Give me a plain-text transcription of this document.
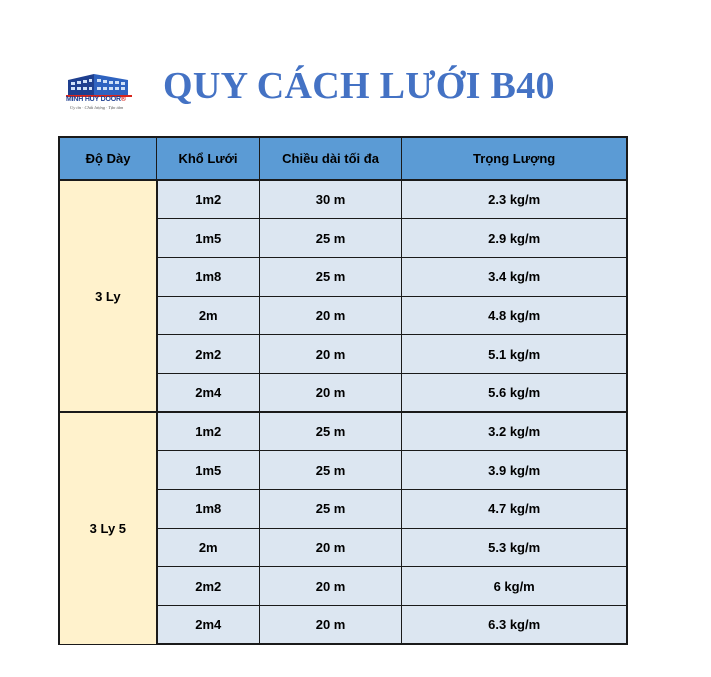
MINH HUY DOOR®
Uy tín · Chất lượng · Tận tâm
QUY CÁCH LƯỚI B40
Độ Dày	Khổ Lưới	Chiều dài tối đa	Trọng Lượng
3 Ly	1m2	30 m	2.3 kg/m
	1m5	25 m	2.9 kg/m
	1m8	25 m	3.4 kg/m
	2m	20 m	4.8 kg/m
	2m2	20 m	5.1 kg/m
	2m4	20 m	5.6 kg/m
3 Ly 5	1m2	25 m	3.2 kg/m
	1m5	25 m	3.9 kg/m
	1m8	25 m	4.7 kg/m
	2m	20 m	5.3 kg/m
	2m2	20 m	6 kg/m
	2m4	20 m	6.3 kg/m
